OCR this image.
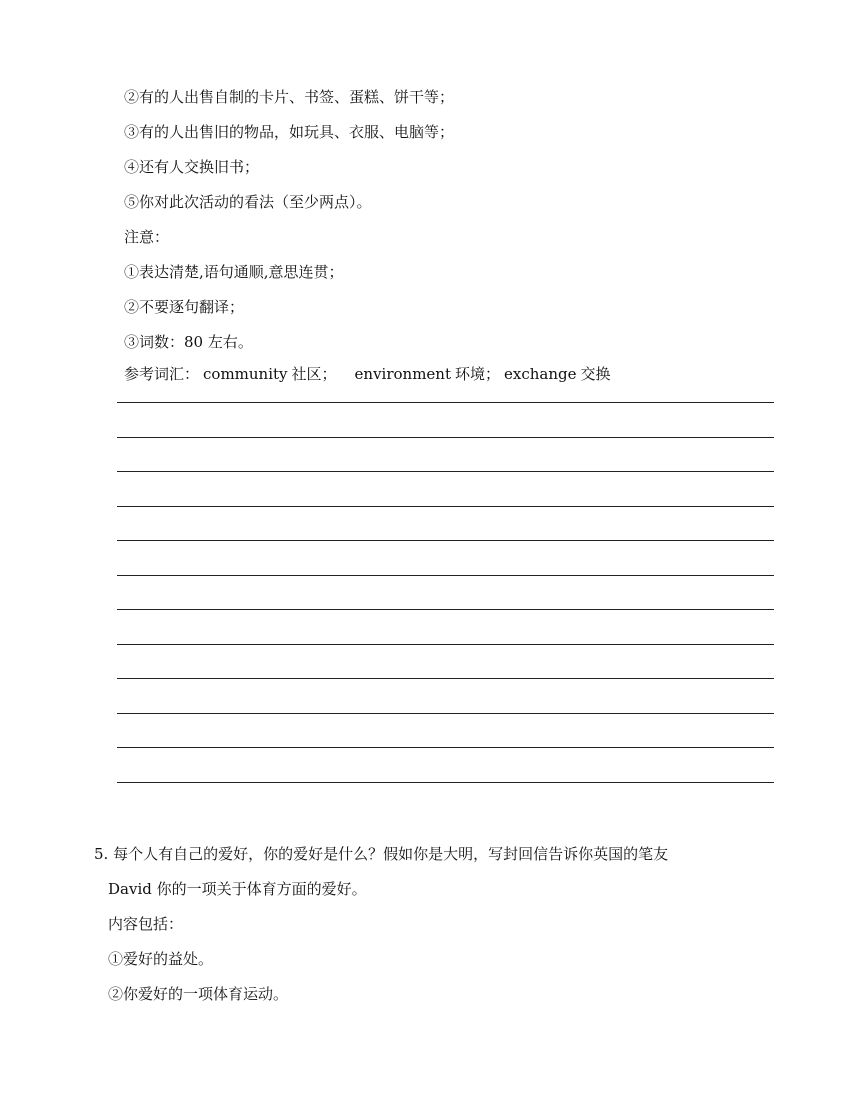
②有的人出售自制的卡片、书签、蛋糕、饼干等；
③有的人出售旧的物品，如玩具、衣服、电脑等；
④还有人交换旧书；
⑤你对此次活动的看法（至少两点）。
注意：
①表达清楚,语句通顺,意思连贯；
②不要逐句翻译；
③词数：80 左右。
参考词汇： community 社区； environment 环境； exchange 交换
5. 每个人有自己的爱好，你的爱好是什么？假如你是大明，写封回信告诉你英国的笔友
David 你的一项关于体育方面的爱好。
内容包括：
①爱好的益处。
②你爱好的一项体育运动。
